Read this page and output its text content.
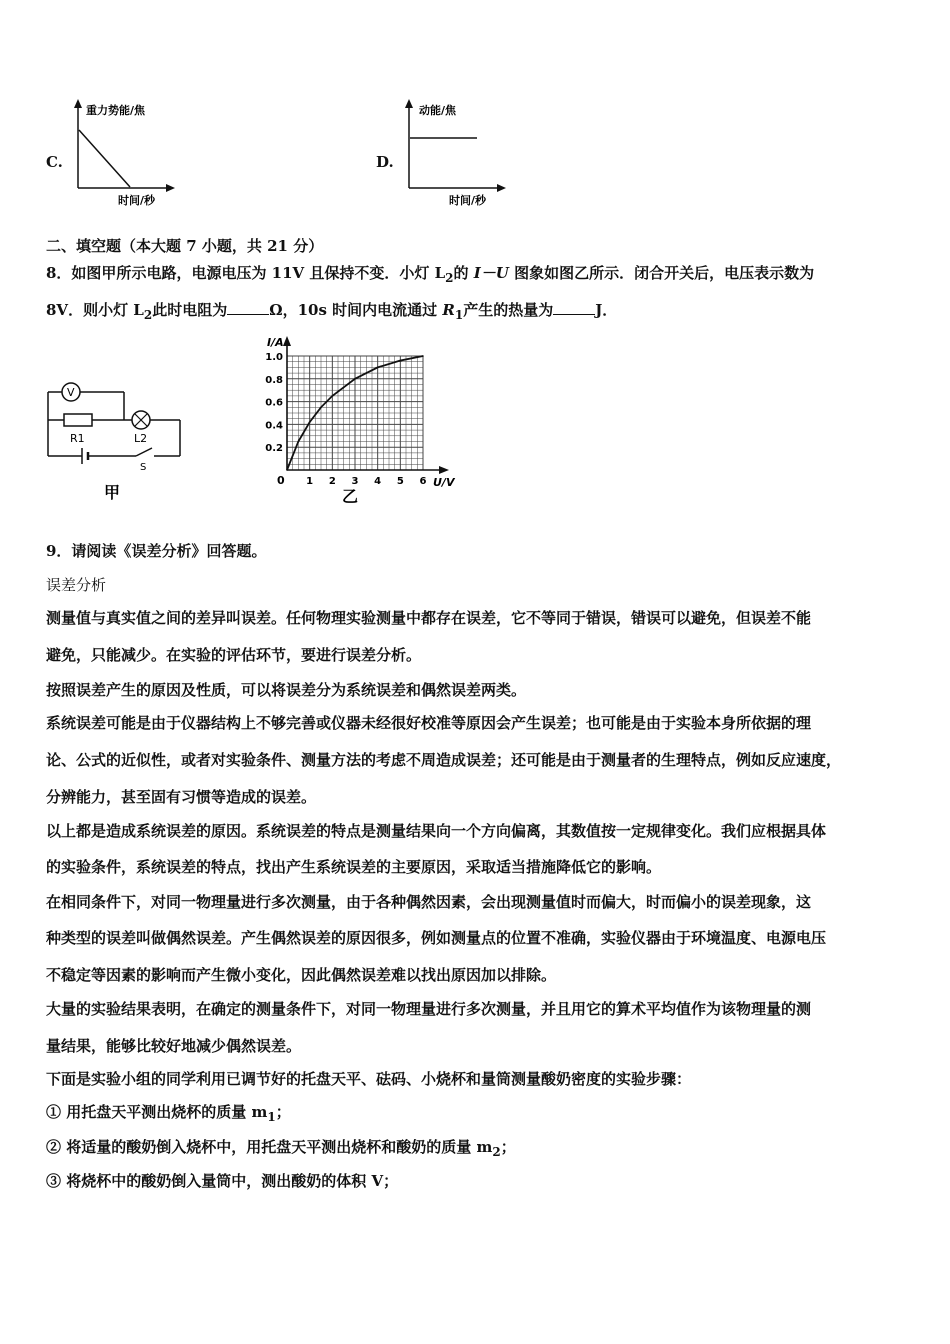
C.
重力势能/焦
时间/秒
D.
动能/焦
时间/秒
二、填空题（本大题 7 小题，共 21 分）
8．如图甲所示电路，电源电压为 11V 且保持不变．小灯 $L_2$的 I－U 图象如图乙所示．闭合开关后，电压表示数为
8V．则小灯 $L_2$此时电阻为	Ω，10s 时间内电流通过 $R_1$产生的热量为	J．
V
R1	L2
S
甲
I/A
U/V
0
0.2
0.4
0.6
0.8
1.0
1 2 3 4 5 6
乙
9．请阅读《误差分析》回答题。
误差分析
测量值与真实值之间的差异叫误差。任何物理实验测量中都存在误差，它不等同于错误，错误可以避免，但误差不能
避免，只能减少。在实验的评估环节，要进行误差分析。
按照误差产生的原因及性质，可以将误差分为系统误差和偶然误差两类。
系统误差可能是由于仪器结构上不够完善或仪器未经很好校准等原因会产生误差；也可能是由于实验本身所依据的理
论、公式的近似性，或者对实验条件、测量方法的考虑不周造成误差；还可能是由于测量者的生理特点，例如反应速度，
分辨能力，甚至固有习惯等造成的误差。
以上都是造成系统误差的原因。系统误差的特点是测量结果向一个方向偏离，其数值按一定规律变化。我们应根据具体
的实验条件，系统误差的特点，找出产生系统误差的主要原因，采取适当措施降低它的影响。
在相同条件下，对同一物理量进行多次测量，由于各种偶然因素，会出现测量值时而偏大，时而偏小的误差现象，这
种类型的误差叫做偶然误差。产生偶然误差的原因很多，例如测量点的位置不准确，实验仪器由于环境温度、电源电压
不稳定等因素的影响而产生微小变化，因此偶然误差难以找出原因加以排除。
大量的实验结果表明，在确定的测量条件下，对同一物理量进行多次测量，并且用它的算术平均值作为该物理量的测
量结果，能够比较好地减少偶然误差。
下面是实验小组的同学利用已调节好的托盘天平、砝码、小烧杯和量筒测量酸奶密度的实验步骤：
① 用托盘天平测出烧杯的质量 $m_1$；
② 将适量的酸奶倒入烧杯中，用托盘天平测出烧杯和酸奶的质量 $m_2$；
③ 将烧杯中的酸奶倒入量筒中，测出酸奶的体积 V；
